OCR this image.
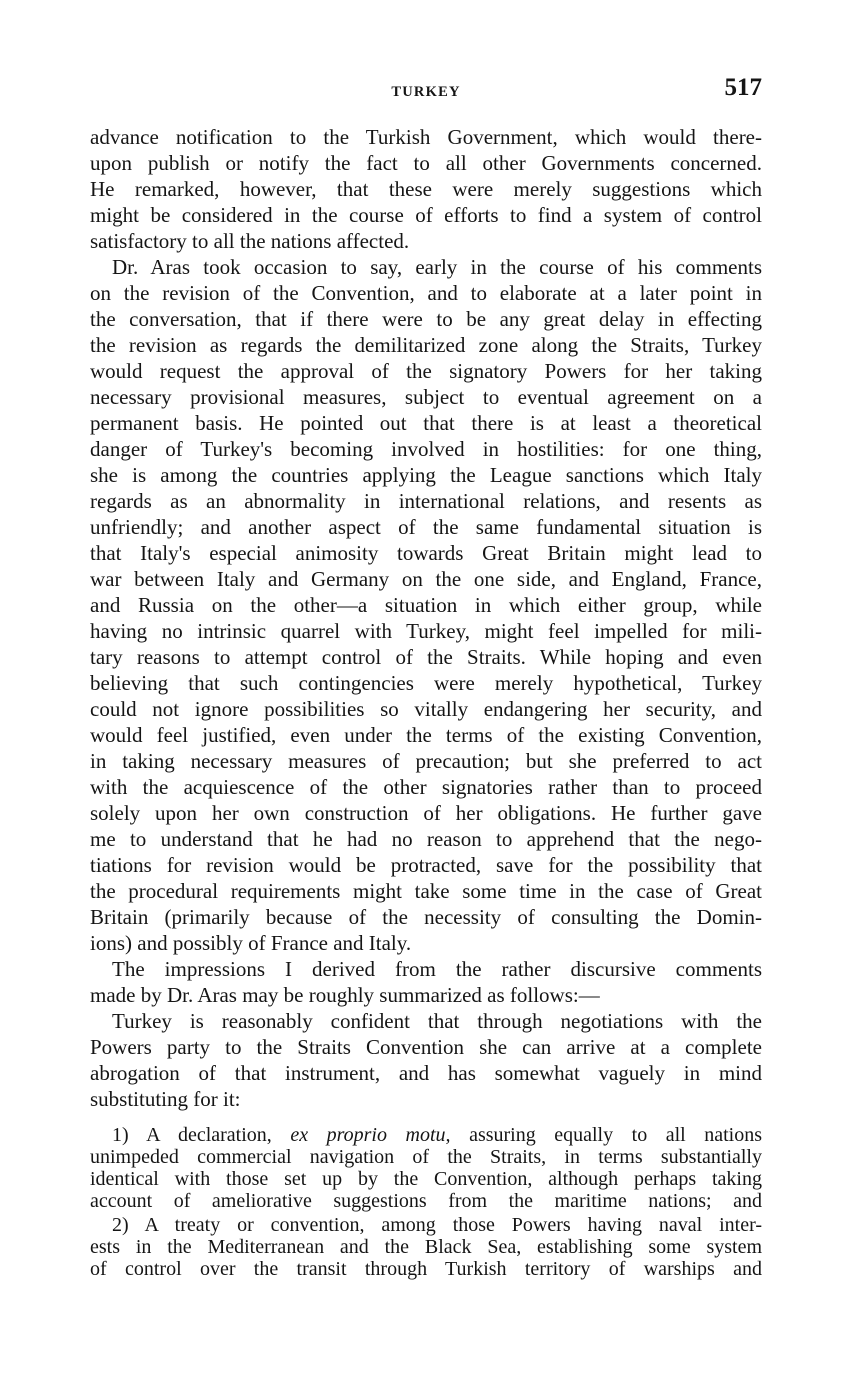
TURKEY	517
advance notification to the Turkish Government, which would there-
upon publish or notify the fact to all other Governments concerned.
He remarked, however, that these were merely suggestions which
might be considered in the course of efforts to find a system of control
satisfactory to all the nations affected.
Dr. Aras took occasion to say, early in the course of his comments
on the revision of the Convention, and to elaborate at a later point in
the conversation, that if there were to be any great delay in effecting
the revision as regards the demilitarized zone along the Straits, Turkey
would request the approval of the signatory Powers for her taking
necessary provisional measures, subject to eventual agreement on a
permanent basis. He pointed out that there is at least a theoretical
danger of Turkey's becoming involved in hostilities: for one thing,
she is among the countries applying the League sanctions which Italy
regards as an abnormality in international relations, and resents as
unfriendly; and another aspect of the same fundamental situation is
that Italy's especial animosity towards Great Britain might lead to
war between Italy and Germany on the one side, and England, France,
and Russia on the other—a situation in which either group, while
having no intrinsic quarrel with Turkey, might feel impelled for mili-
tary reasons to attempt control of the Straits. While hoping and even
believing that such contingencies were merely hypothetical, Turkey
could not ignore possibilities so vitally endangering her security, and
would feel justified, even under the terms of the existing Convention,
in taking necessary measures of precaution; but she preferred to act
with the acquiescence of the other signatories rather than to proceed
solely upon her own construction of her obligations. He further gave
me to understand that he had no reason to apprehend that the nego-
tiations for revision would be protracted, save for the possibility that
the procedural requirements might take some time in the case of Great
Britain (primarily because of the necessity of consulting the Domin-
ions) and possibly of France and Italy.
The impressions I derived from the rather discursive comments
made by Dr. Aras may be roughly summarized as follows:—
Turkey is reasonably confident that through negotiations with the
Powers party to the Straits Convention she can arrive at a complete
abrogation of that instrument, and has somewhat vaguely in mind
substituting for it:
1) A declaration, ex proprio motu, assuring equally to all nations
unimpeded commercial navigation of the Straits, in terms substantially
identical with those set up by the Convention, although perhaps taking
account of ameliorative suggestions from the maritime nations; and
2) A treaty or convention, among those Powers having naval inter-
ests in the Mediterranean and the Black Sea, establishing some system
of control over the transit through Turkish territory of warships and
